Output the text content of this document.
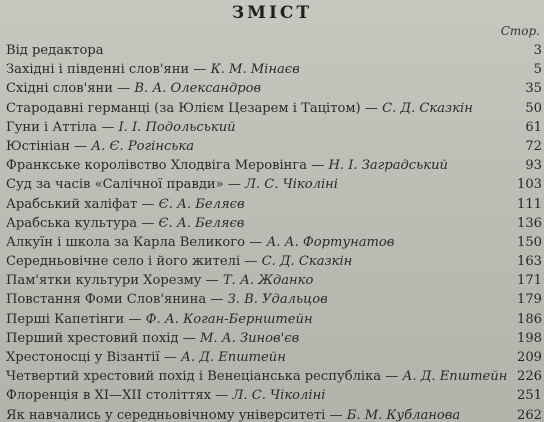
ЗМІСТ
Стор.
Від редактора	3
Західні і південні слов'яни — К. М. Мінаєв	5
Східні слов'яни — В. А. Олександров	35
Стародавні германці (за Юлієм Цезарем і Тацітом) — С. Д. Сказкін	50
Гуни і Аттіла — І. І. Подольський	61
Юстініан — А. Є. Рогінська	72
Франкське королівство Хлодвіга Меровінга — Н. І. Заградський	93
Суд за часів «Салічної правди» — Л. С. Чіколіні	103
Арабський халіфат — Є. А. Беляєв	111
Арабська культура — Є. А. Беляєв	136
Алкуїн і школа за Карла Великого — А. А. Фортунатов	150
Середньовічне село і його жителі — С. Д. Сказкін	163
Пам'ятки культури Хорезму — Т. А. Жданко	171
Повстання Фоми Слов'янина — З. В. Удальцов	179
Перші Капетінги — Ф. А. Коган-Бернштейн	186
Перший хрестовий похід — М. А. Зинов'єв	198
Хрестоносці у Візантії — А. Д. Епштейн	209
Четвертий хрестовий похід і Венеціанська республіка — А. Д. Епштейн 226
Флоренція в XI—XII століттях — Л. С. Чіколіні	251
Як навчались у середньовічному університеті — Б. М. Кубланова	262
